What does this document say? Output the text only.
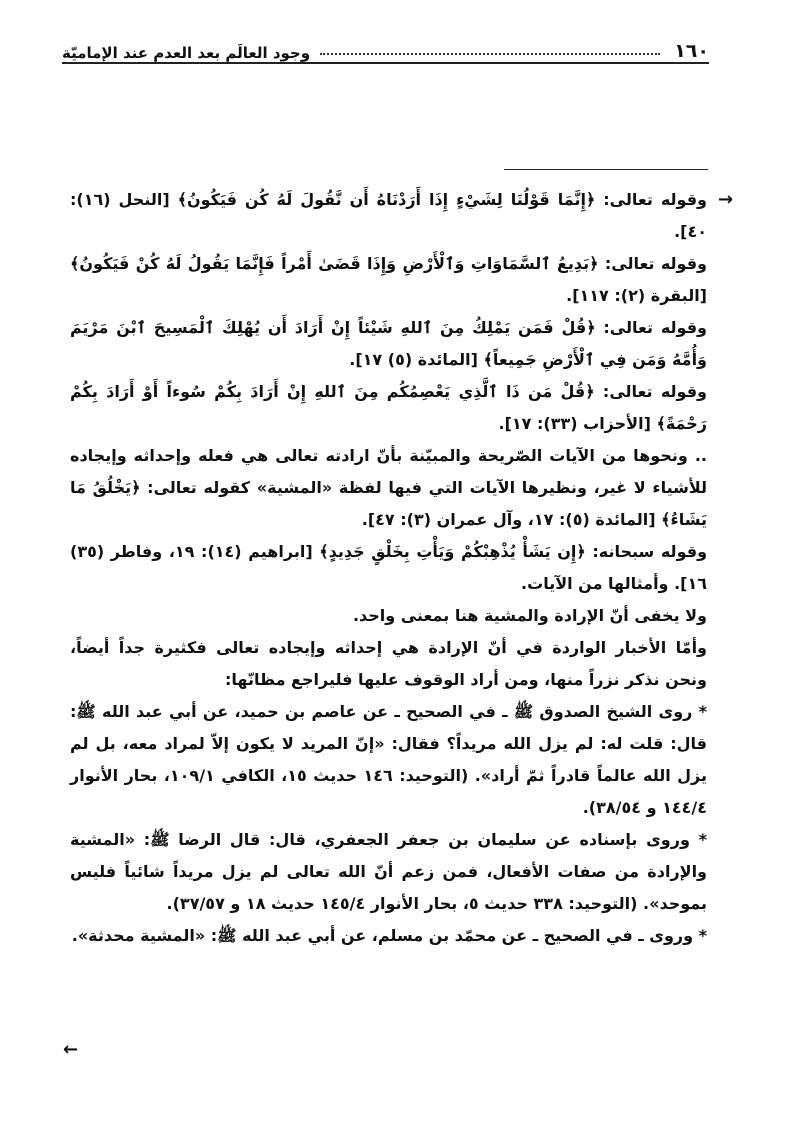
١٦٠
وجود العالَم بعد العدم عند الإماميّة
→

وقوله تعالى: ﴿إِنَّمَا قَوْلُنَا لِشَيْءٍ إِذَا أَرَدْنَاهُ أَن نَّقُولَ لَهُ كُن فَيَكُونُ﴾ [النحل (١٦): ٤٠].

وقوله تعالى: ﴿بَدِيعُ ٱلسَّمَاوَاتِ وَٱلْأَرْضِ وَإِذَا قَضَىٰ أَمْراً فَإِنَّمَا يَقُولُ لَهُ كُنْ فَيَكُونُ﴾ [البقرة (٢): ١١٧].

وقوله تعالى: ﴿قُلْ فَمَن يَمْلِكُ مِنَ ٱللهِ شَيْئاً إِنْ أَرَادَ أَن يُهْلِكَ ٱلْمَسِيحَ ٱبْنَ مَرْيَمَ وَأُمَّهُ وَمَن فِي ٱلْأَرْضِ جَمِيعاً﴾ [المائدة (٥) ١٧].

وقوله تعالى: ﴿قُلْ مَن ذَا ٱلَّذِي يَعْصِمُكُم مِنَ ٱللهِ إِنْ أَرَادَ بِكُمْ سُوءاً أَوْ أَرَادَ بِكُمْ رَحْمَةً﴾ [الأحزاب (٣٣): ١٧].

.. ونحوها من الآيات الصّريحة والمبيّنة بأنّ ارادته تعالى هي فعله وإحداثه وإيجاده للأشياء لا غير، ونظيرها الآيات التي فيها لفظة «المشية» كقوله تعالى: ﴿يَخْلُقُ مَا يَشَاءُ﴾ [المائدة (٥): ١٧، وآل عمران (٣): ٤٧].

وقوله سبحانه: ﴿إِن يَشَأْ يُذْهِبْكُمْ وَيَأْتِ بِخَلْقٍ جَدِيدٍ﴾ [ابراهيم (١٤): ١٩، وفاطر (٣٥) ١٦]. وأمثالها من الآيات.

ولا يخفى أنّ الإرادة والمشية هنا بمعنى واحد.

وأمّا الأخبار الواردة في أنّ الإرادة هي إحداثه وإيجاده تعالى فكثيرة جداً أيضاً، ونحن نذكر نزراً منها، ومن أراد الوقوف عليها فليراجع مظانّها:

* روى الشيخ الصدوق ﷺ ـ في الصحيح ـ عن عاصم بن حميد، عن أبي عبد الله ﷺ: قال: قلت له: لم يزل الله مريداً؟ فقال: «إنّ المريد لا يكون إلاّ لمراد معه، بل لم يزل الله عالماً قادراً ثمّ أراد». (التوحيد: ١٤٦ حديث ١٥، الكافي ١٠٩/١، بحار الأنوار ١٤٤/٤ و ٣٨/٥٤).

* وروى بإسناده عن سليمان بن جعفر الجعفري، قال: قال الرضا ﷺ: «المشية والإرادة من صفات الأفعال، فمن زعم أنّ الله تعالى لم يزل مريداً شائياً فليس بموحد». (التوحيد: ٣٣٨ حديث ٥، بحار الأنوار ١٤٥/٤ حديث ١٨ و ٣٧/٥٧).

* وروى ـ في الصحيح ـ عن محمّد بن مسلم، عن أبي عبد الله ﷺ: «المشية محدثة».

←
